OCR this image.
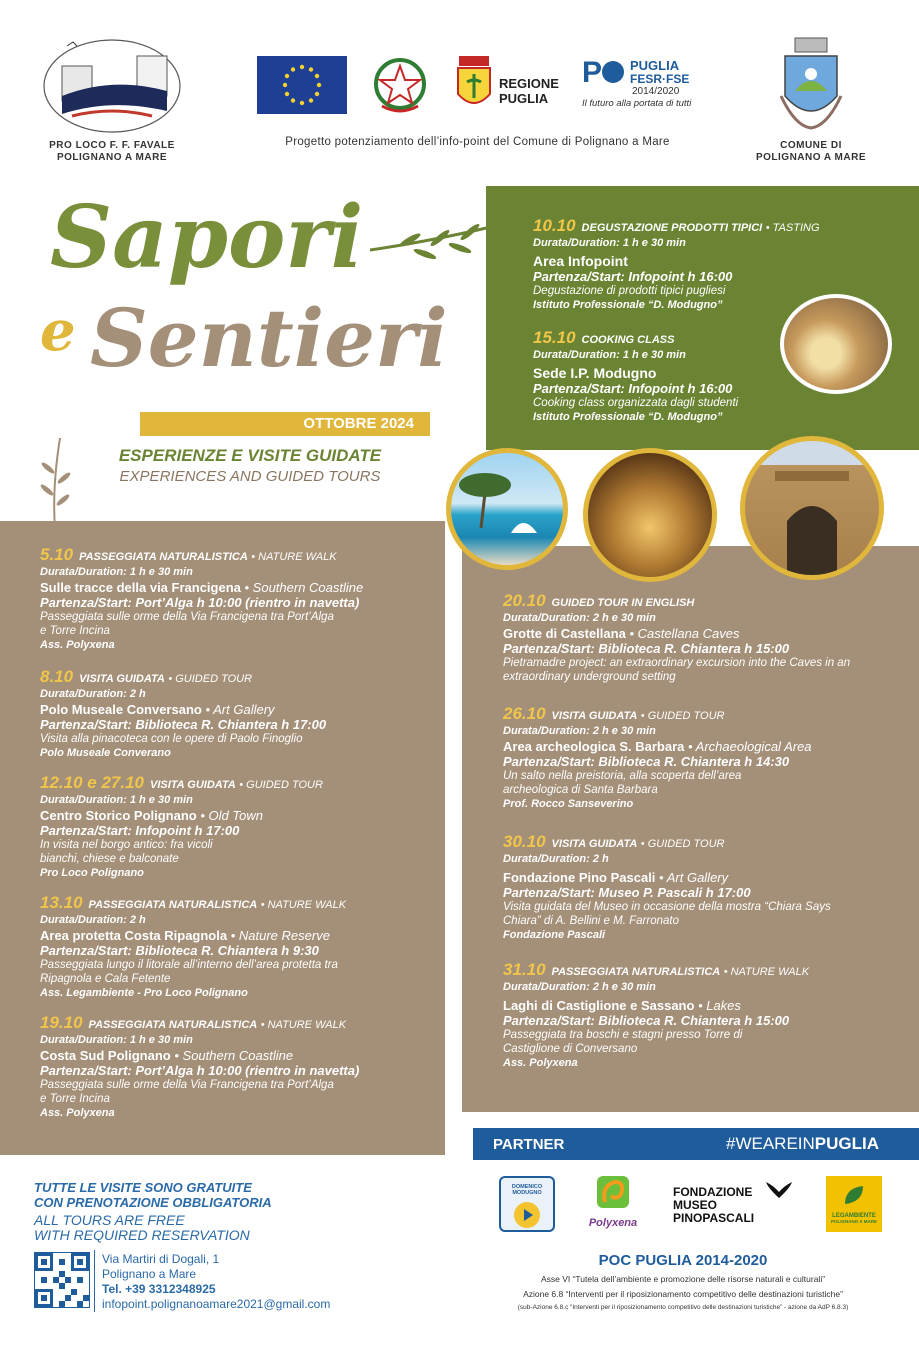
PRO LOCO F. F. FAVALE
POLIGNANO A MARE
REGIONE
PUGLIA
P PUGLIA
FESR·FSE
2014/2020
Il futuro alla portata di tutti
Progetto potenziamento dell’info-point del Comune di Polignano a Mare	COMUNE DI
POLIGNANO A MARE
Sapori
e Sentieri
OTTOBRE 2024
ESPERIENZE E VISITE GUIDATE
EXPERIENCES AND GUIDED TOURS
10.10 DEGUSTAZIONE PRODOTTI TIPICI • TASTING
Durata/Duration: 1 h e 30 min
Area Infopoint
Partenza/Start: Infopoint h 16:00
Degustazione di prodotti tipici pugliesi
Istituto Professionale “D. Modugno”
15.10 COOKING CLASS
Durata/Duration: 1 h e 30 min
Sede I.P. Modugno
Partenza/Start: Infopoint h 16:00
Cooking class organizzata dagli studenti
Istituto Professionale “D. Modugno”
5.10 PASSEGGIATA NATURALISTICA • NATURE WALK
Durata/Duration: 1 h e 30 min
Sulle tracce della via Francigena • Southern Coastline
Partenza/Start: Port’Alga h 10:00 (rientro in navetta)
Passeggiata sulle orme della Via Francigena tra Port’Alga e Torre Incina
Ass. Polyxena
8.10 VISITA GUIDATA • GUIDED TOUR
Durata/Duration: 2 h
Polo Museale Conversano • Art Gallery
Partenza/Start: Biblioteca R. Chiantera h 17:00
Visita alla pinacoteca con le opere di Paolo Finoglio
Polo Museale Converano
12.10 e 27.10 VISITA GUIDATA • GUIDED TOUR
Durata/Duration: 1 h e 30 min
Centro Storico Polignano • Old Town
Partenza/Start: Infopoint h 17:00
In visita nel borgo antico: fra vicoli bianchi, chiese e balconate
Pro Loco Polignano
13.10 PASSEGGIATA NATURALISTICA • NATURE WALK
Durata/Duration: 2 h
Area protetta Costa Ripagnola • Nature Reserve
Partenza/Start: Biblioteca R. Chiantera h 9:30
Passeggiata lungo il litorale all’interno dell’area protetta tra Ripagnola e Cala Fetente
Ass. Legambiente - Pro Loco Polignano
19.10 PASSEGGIATA NATURALISTICA • NATURE WALK
Durata/Duration: 1 h e 30 min
Costa Sud Polignano • Southern Coastline
Partenza/Start: Port’Alga h 10:00 (rientro in navetta)
Passeggiata sulle orme della Via Francigena tra Port’Alga e Torre Incina
Ass. Polyxena
20.10 GUIDED TOUR IN ENGLISH
Durata/Duration: 2 h e 30 min
Grotte di Castellana • Castellana Caves
Partenza/Start: Biblioteca R. Chiantera h 15:00
Pietramadre project: an extraordinary excursion into the Caves in an extraordinary underground setting
26.10 VISITA GUIDATA • GUIDED TOUR
Durata/Duration: 2 h e 30 min
Area archeologica S. Barbara • Archaeological Area
Partenza/Start: Biblioteca R. Chiantera h 14:30
Un salto nella preistoria, alla scoperta dell’area archeologica di Santa Barbara
Prof. Rocco Sanseverino
30.10 VISITA GUIDATA • GUIDED TOUR
Durata/Duration: 2 h
Fondazione Pino Pascali • Art Gallery
Partenza/Start: Museo P. Pascali h 17:00
Visita guidata del Museo in occasione della mostra “Chiara Says Chiara” di A. Bellini e M. Farronato
Fondazione Pascali
31.10 PASSEGGIATA NATURALISTICA • NATURE WALK
Durata/Duration: 2 h e 30 min
Laghi di Castiglione e Sassano • Lakes
Partenza/Start: Biblioteca R. Chiantera h 15:00
Passeggiata tra boschi e stagni presso Torre di Castiglione di Conversano
Ass. Polyxena
PARTNER	#WEAREINPUGLIA
DOMENICO MODUGNO
Polyxena
FONDAZIONE
MUSEO
PINOPASCALI	LEGAMBIENTE
POLIGNANO A MARE
POC PUGLIA 2014-2020
Asse VI “Tutela dell’ambiente e promozione delle risorse naturali e culturali”
Azione 6.8 “Interventi per il riposizionamento competitivo delle destinazioni turistiche”
(sub-Azione 6.8.c “Interventi per il riposizionamento competitivo delle destinazioni turistiche” - azione da AdP 6.8.3)
TUTTE LE VISITE SONO GRATUITE
CON PRENOTAZIONE OBBLIGATORIA
ALL TOURS ARE FREE
WITH REQUIRED RESERVATION
Via Martiri di Dogali, 1
Polignano a Mare
Tel. +39 3312348925
infopoint.polignanoamare2021@gmail.com
